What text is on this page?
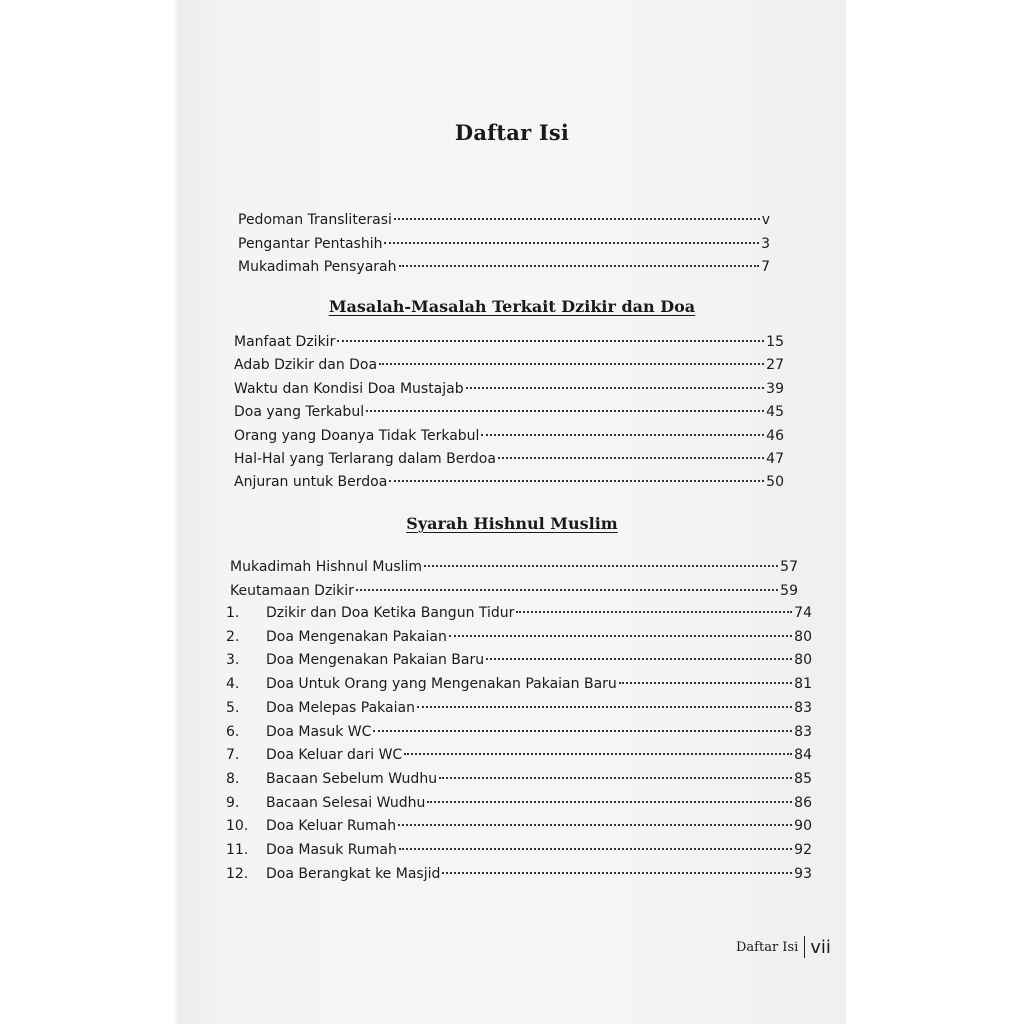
Daftar Isi
Pedoman Transliterasi	v
Pengantar Pentashih	3
Mukadimah Pensyarah	7
Masalah-Masalah Terkait Dzikir dan Doa
Manfaat Dzikir	15
Adab Dzikir dan Doa	27
Waktu dan Kondisi Doa Mustajab	39
Doa yang Terkabul	45
Orang yang Doanya Tidak Terkabul	46
Hal-Hal yang Terlarang dalam Berdoa	47
Anjuran untuk Berdoa	50
Syarah Hishnul Muslim
Mukadimah Hishnul Muslim	57
Keutamaan Dzikir	59
1.	Dzikir dan Doa Ketika Bangun Tidur	74
2.	Doa Mengenakan Pakaian	80
3.	Doa Mengenakan Pakaian Baru	80
4.	Doa Untuk Orang yang Mengenakan Pakaian Baru	81
5.	Doa Melepas Pakaian	83
6.	Doa Masuk WC	83
7.	Doa Keluar dari WC	84
8.	Bacaan Sebelum Wudhu	85
9.	Bacaan Selesai Wudhu	86
10.	Doa Keluar Rumah	90
11.	Doa Masuk Rumah	92
12.	Doa Berangkat ke Masjid	93
Daftar Isi vii
